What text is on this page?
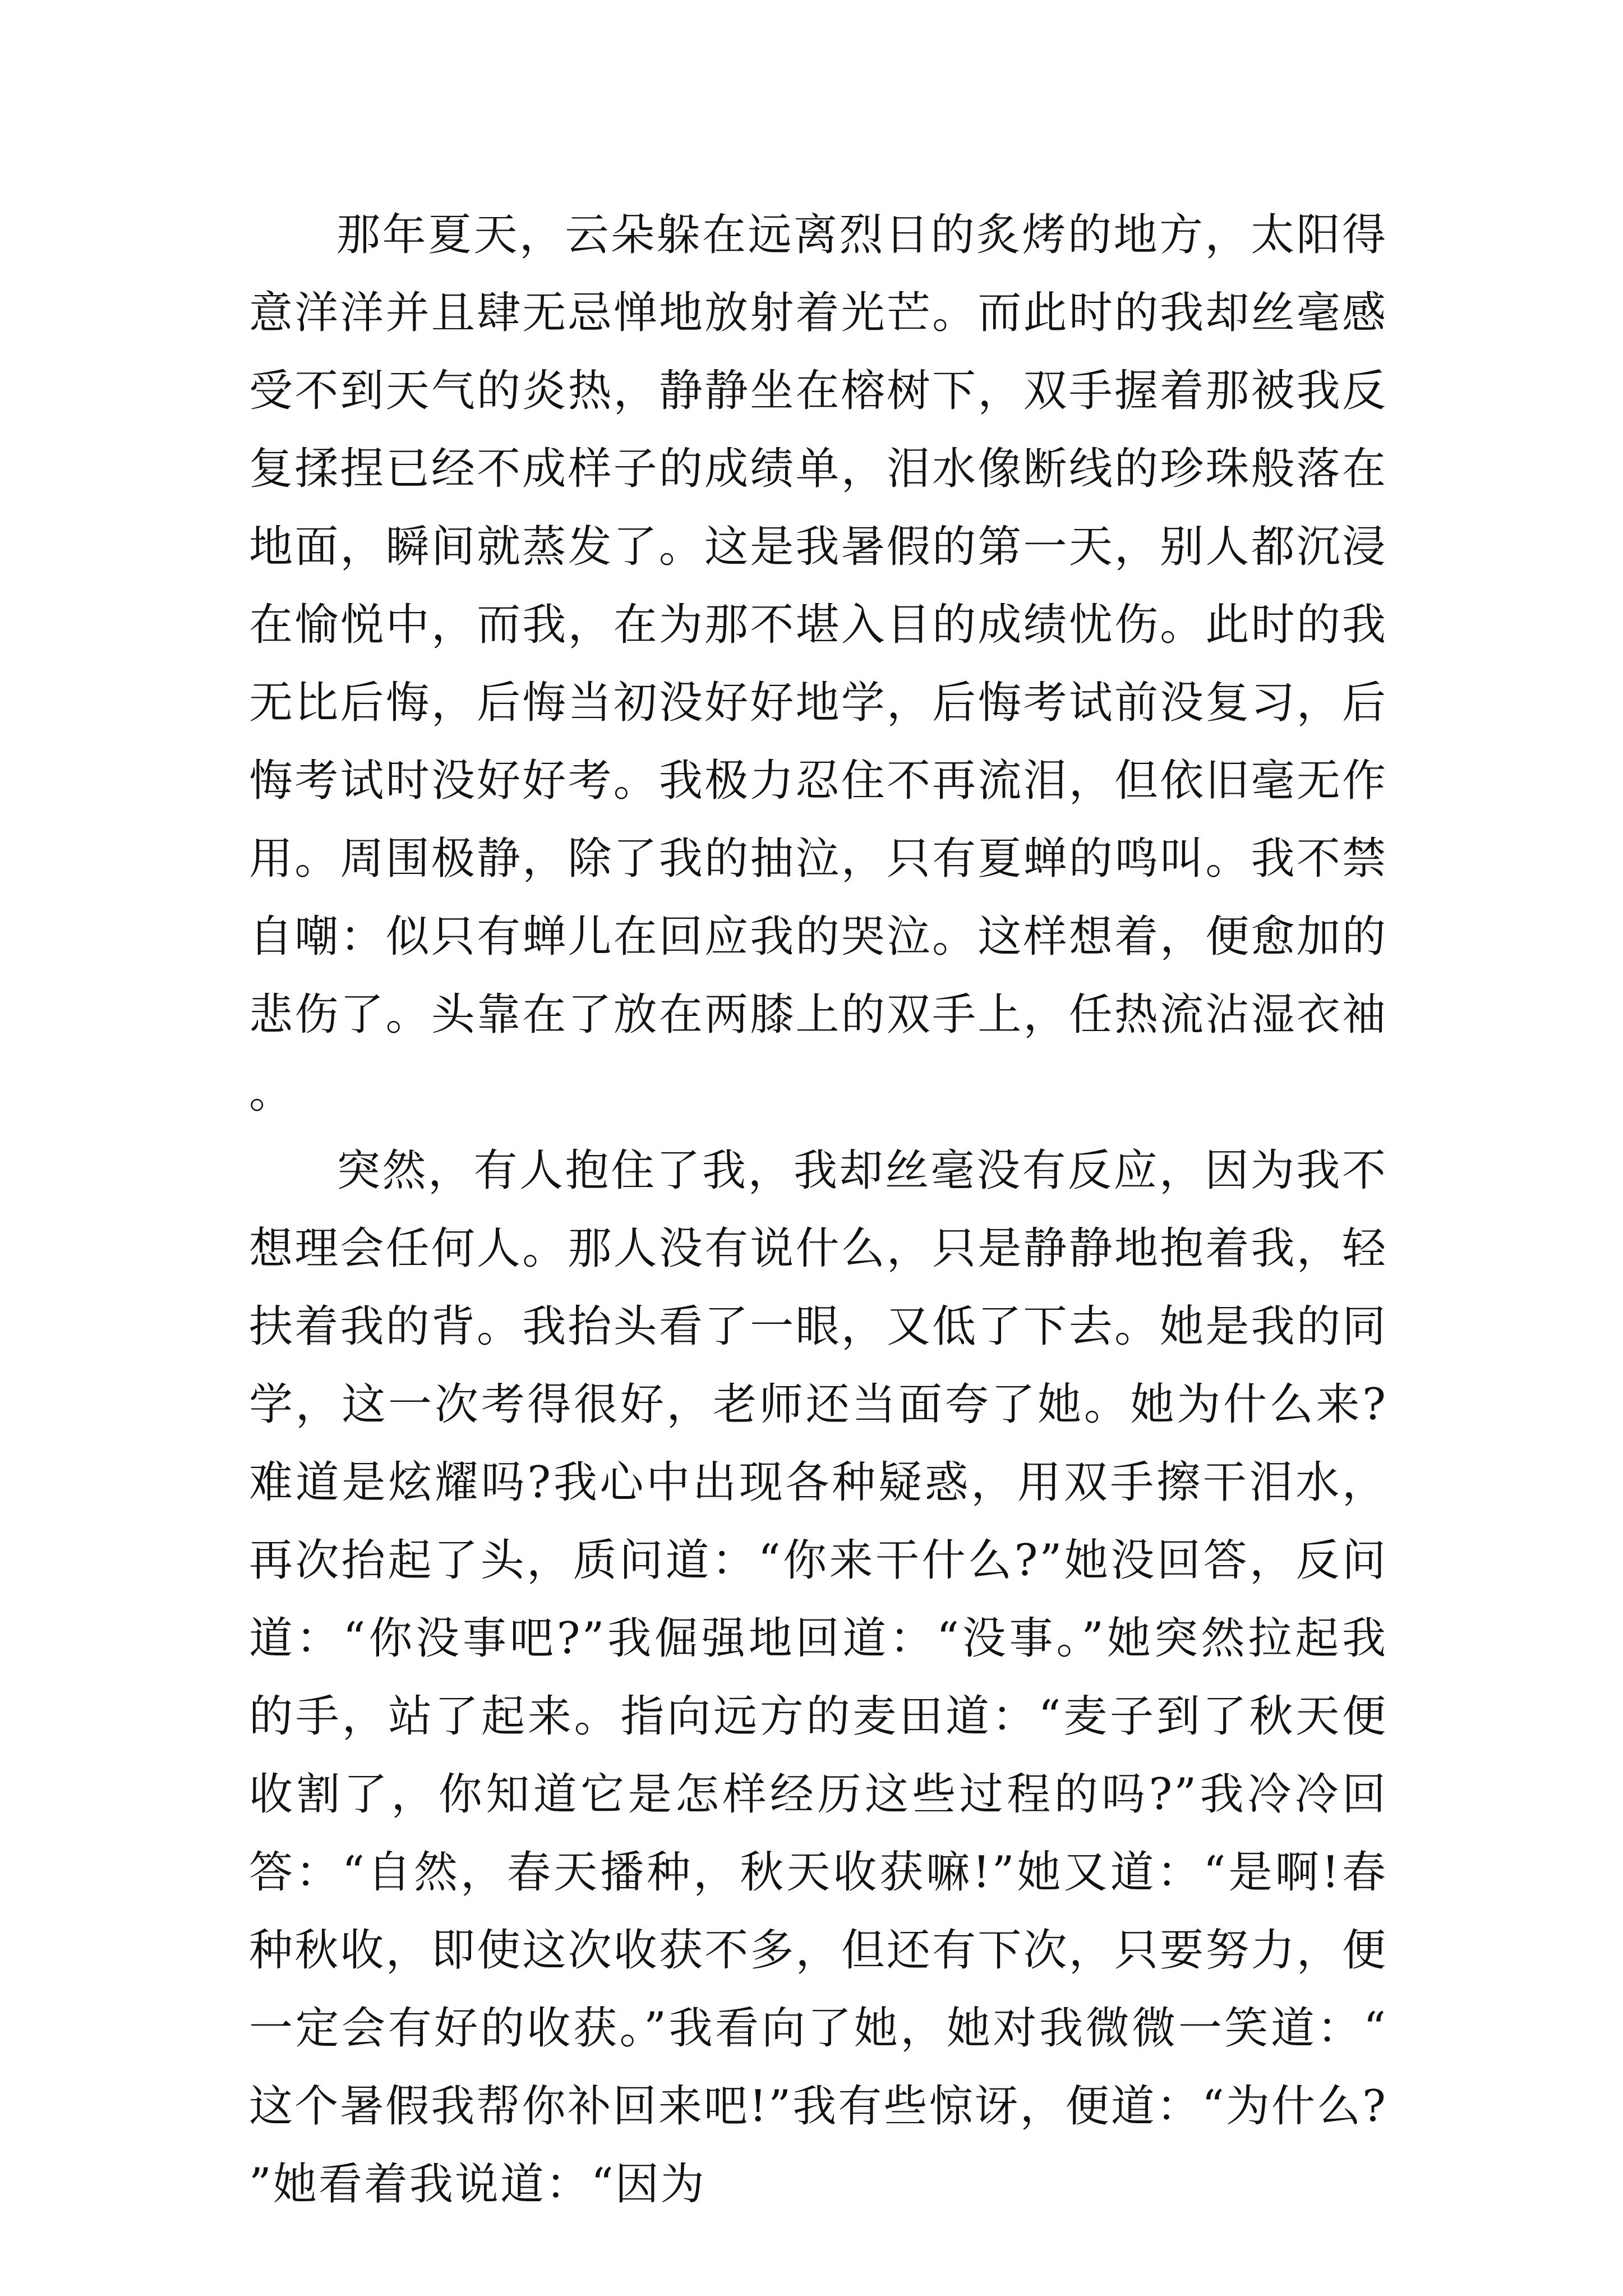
那年夏天，云朵躲在远离烈日的炙烤的地方，太阳得意洋洋并且肆无忌惮地放射着光芒。而此时的我却丝毫感受不到天气的炎热，静静坐在榕树下，双手握着那被我反复揉捏已经不成样子的成绩单，泪水像断线的珍珠般落在地面，瞬间就蒸发了。这是我暑假的第一天，别人都沉浸在愉悦中，而我，在为那不堪入目的成绩忧伤。此时的我无比后悔，后悔当初没好好地学，后悔考试前没复习，后悔考试时没好好考。我极力忍住不再流泪，但依旧毫无作用。周围极静，除了我的抽泣，只有夏蝉的鸣叫。我不禁自嘲：似只有蝉儿在回应我的哭泣。这样想着，便愈加的悲伤了。头靠在了放在两膝上的双手上，任热流沾湿衣袖。

突然，有人抱住了我，我却丝毫没有反应，因为我不想理会任何人。那人没有说什么，只是静静地抱着我，轻扶着我的背。我抬头看了一眼，又低了下去。她是我的同学，这一次考得很好，老师还当面夸了她。她为什么来?难道是炫耀吗?我心中出现各种疑惑，用双手擦干泪水，再次抬起了头，质问道：“你来干什么?”她没回答，反问道：“你没事吧?”我倔强地回道：“没事。”她突然拉起我的手，站了起来。指向远方的麦田道：“麦子到了秋天便收割了，你知道它是怎样经历这些过程的吗?”我冷冷回答：“自然，春天播种，秋天收获嘛!”她又道：“是啊!春种秋收，即使这次收获不多，但还有下次，只要努力，便一定会有好的收获。”我看向了她，她对我微微一笑道：“这个暑假我帮你补回来吧!”我有些惊讶，便道：“为什么?”她看着我说道：“因为
